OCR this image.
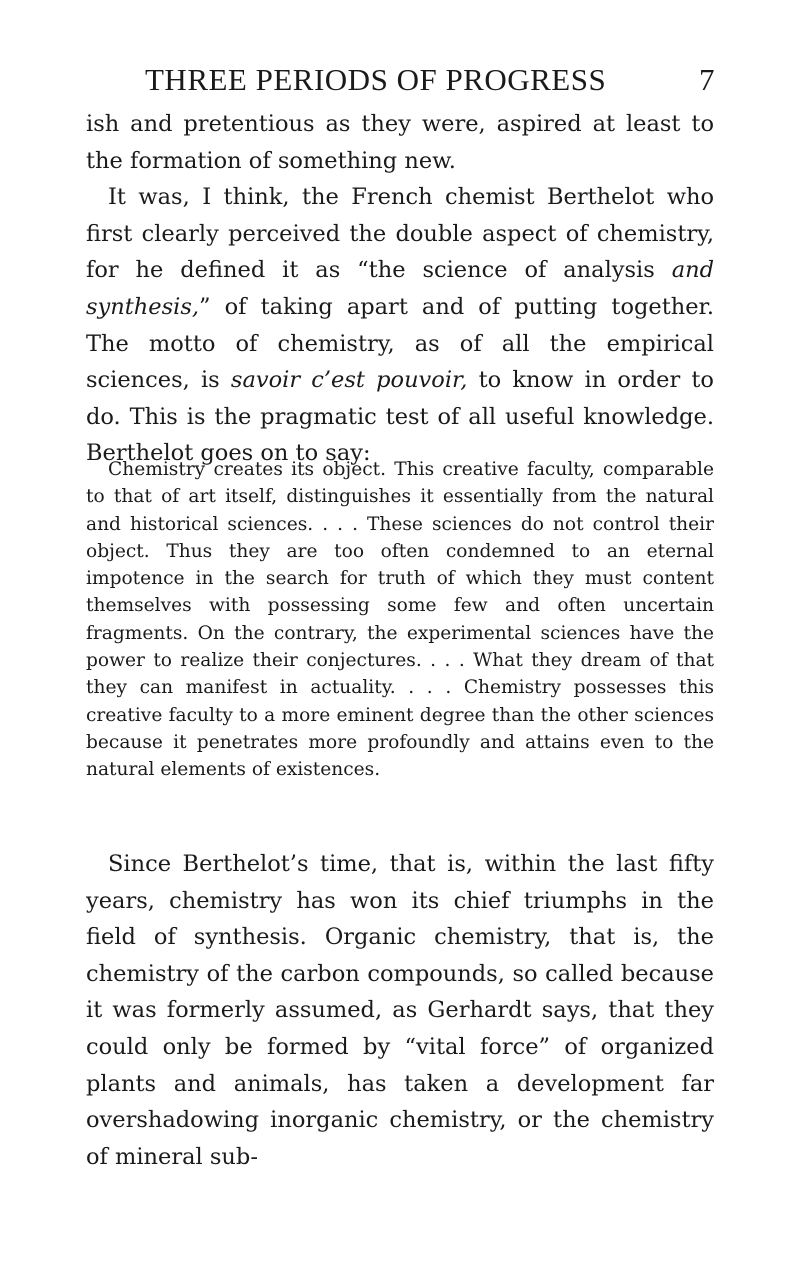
THREE PERIODS OF PROGRESS	7

ish and pretentious as they were, aspired at least to the formation of something new.

It was, I think, the French chemist Berthelot who first clearly perceived the double aspect of chemistry, for he defined it as “the science of analysis and synthesis,” of taking apart and of putting together. The motto of chemistry, as of all the empirical sciences, is savoir c’est pouvoir, to know in order to do. This is the pragmatic test of all useful knowledge. Berthelot goes on to say:

Chemistry creates its object. This creative faculty, comparable to that of art itself, distinguishes it essentially from the natural and historical sciences. . . . These sciences do not control their object. Thus they are too often condemned to an eternal impotence in the search for truth of which they must content themselves with possessing some few and often uncertain fragments. On the contrary, the experimental sciences have the power to realize their conjectures. . . . What they dream of that they can manifest in actuality. . . . Chemistry possesses this creative faculty to a more eminent degree than the other sciences because it penetrates more profoundly and attains even to the natural elements of existences.

Since Berthelot’s time, that is, within the last fifty years, chemistry has won its chief triumphs in the field of synthesis. Organic chemistry, that is, the chemistry of the carbon compounds, so called because it was formerly assumed, as Gerhardt says, that they could only be formed by “vital force” of organized plants and animals, has taken a development far overshadowing inorganic chemistry, or the chemistry of mineral sub-
